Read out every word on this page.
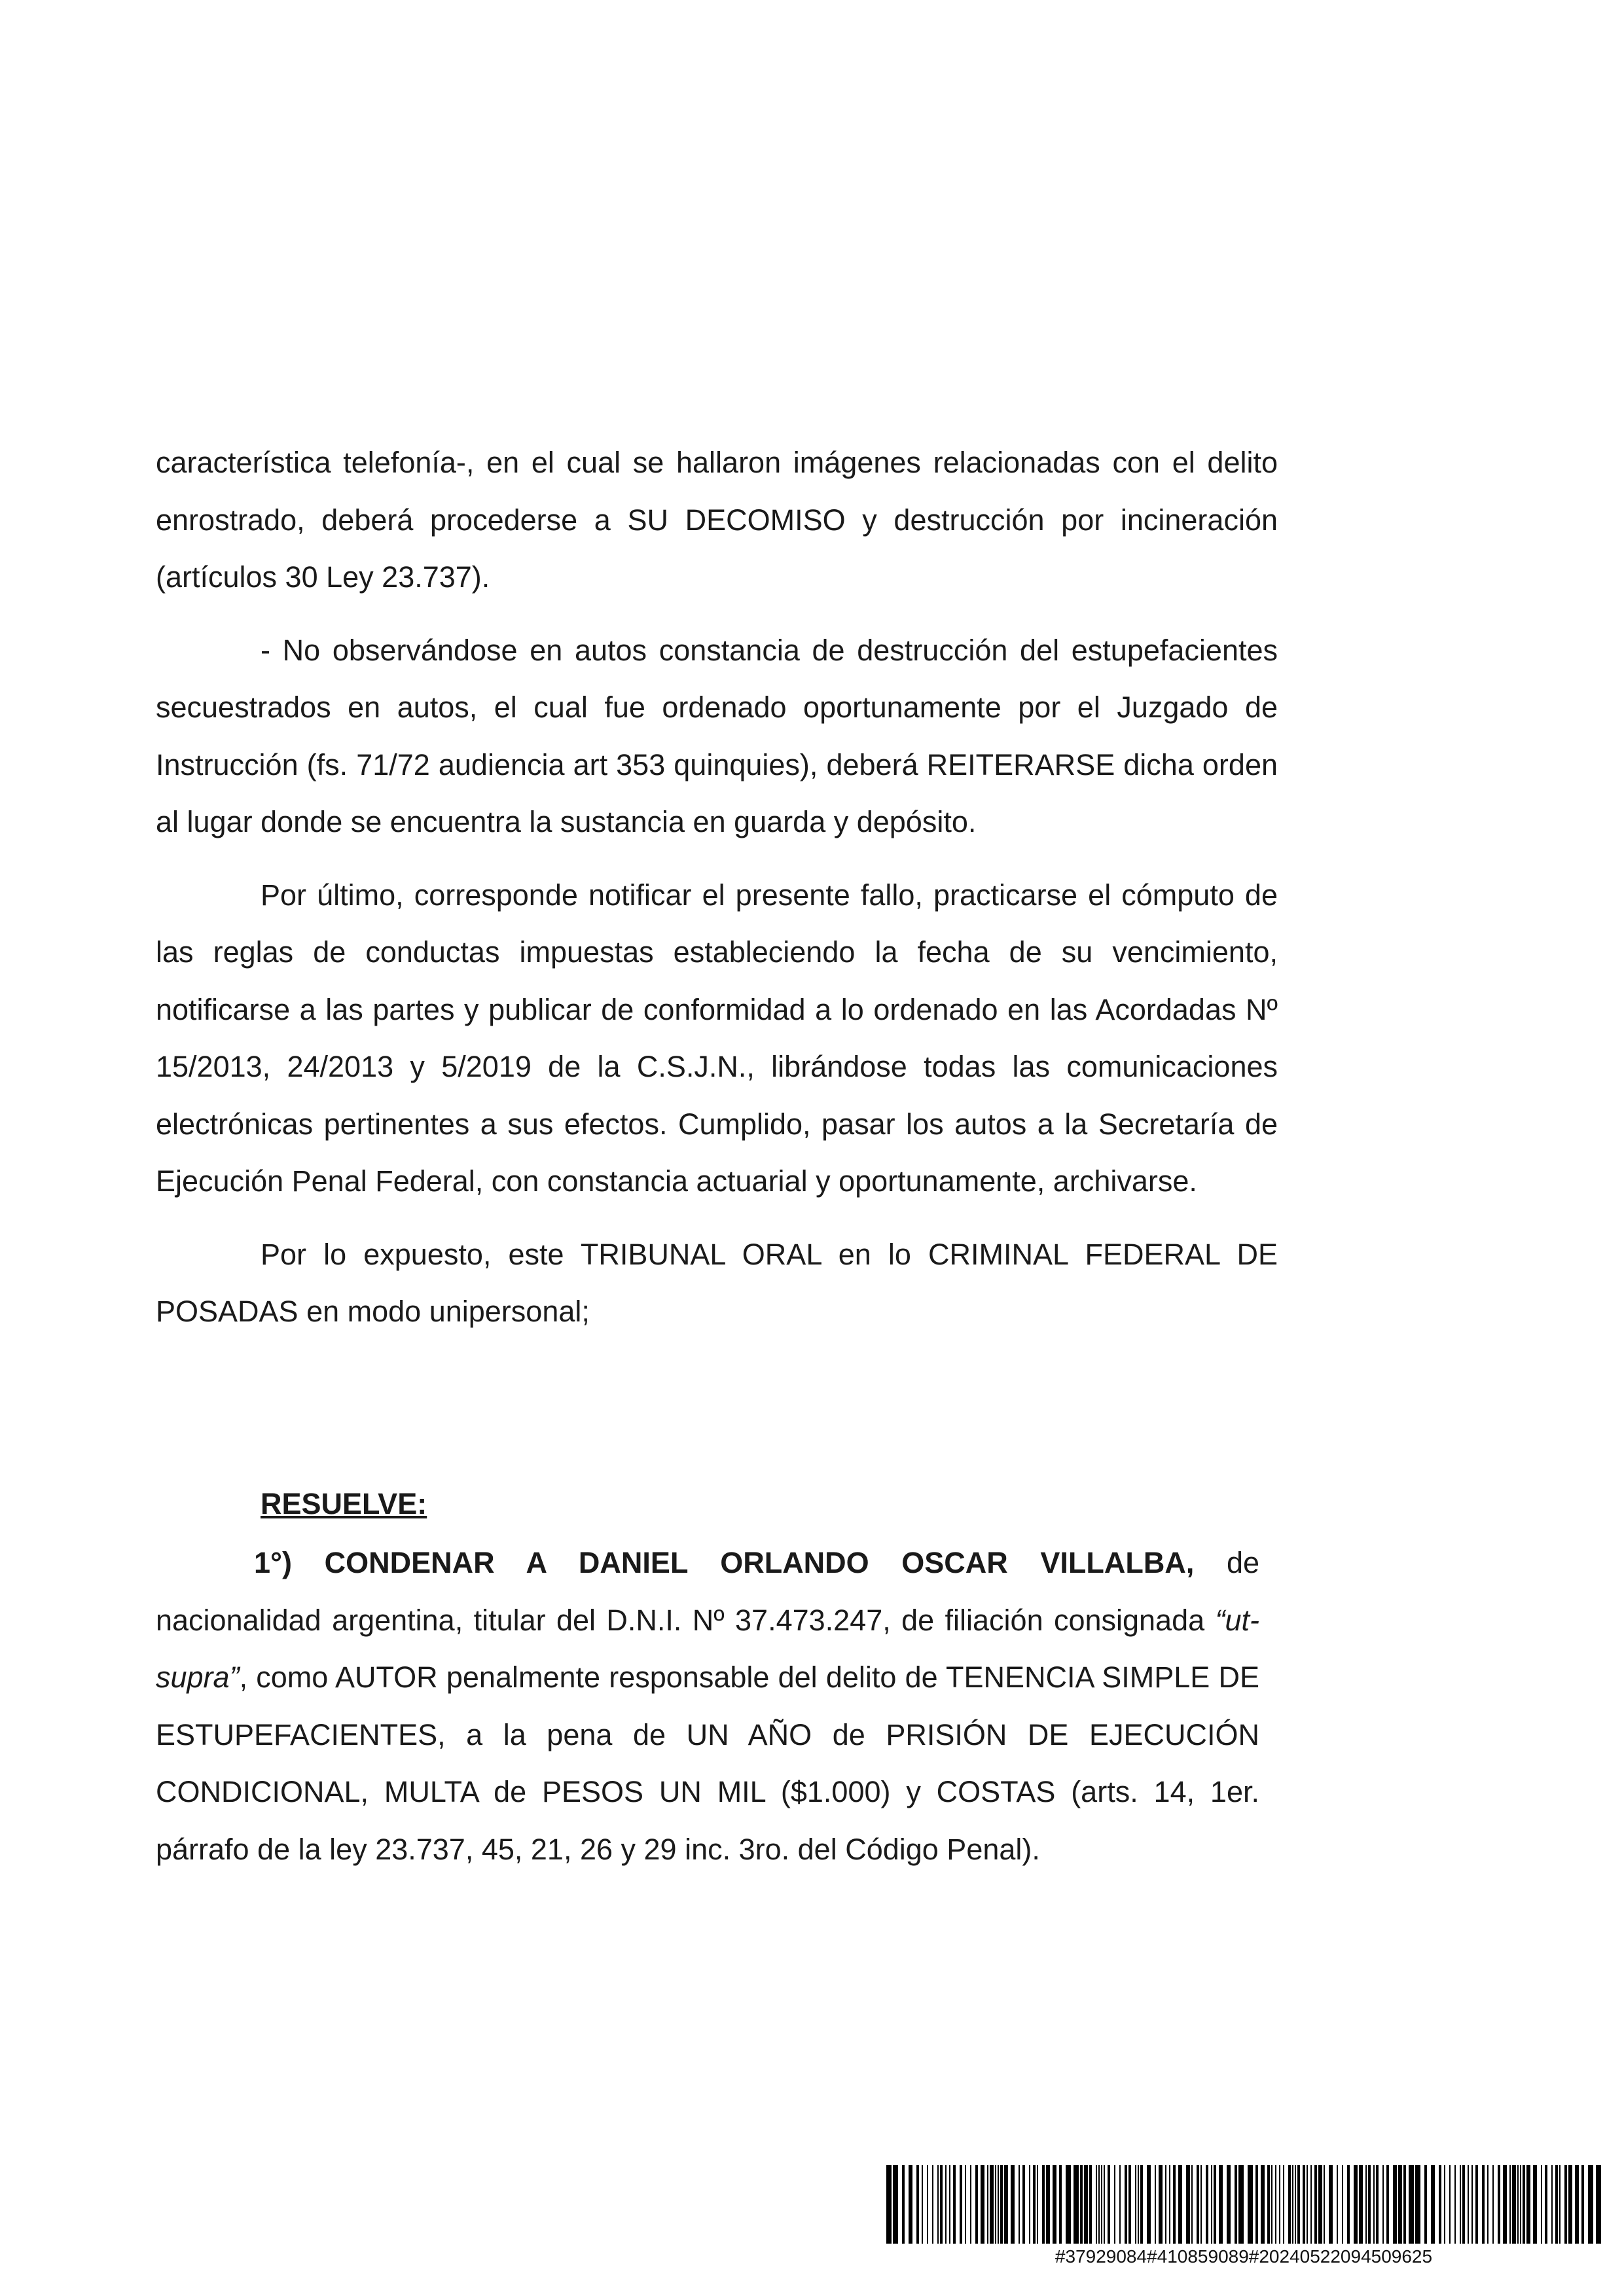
característica telefonía-, en el cual se hallaron imágenes relacionadas con el delito enrostrado, deberá procederse a SU DECOMISO y destrucción por incineración (artículos 30 Ley 23.737).

- No observándose en autos constancia de destrucción del estupefacientes secuestrados en autos, el cual fue ordenado oportunamente por el Juzgado de Instrucción (fs. 71/72 audiencia art 353 quinquies), deberá REITERARSE dicha orden al lugar donde se encuentra la sustancia en guarda y depósito.

Por último, corresponde notificar el presente fallo, practicarse el cómputo de las reglas de conductas impuestas estableciendo la fecha de su vencimiento, notificarse a las partes y publicar de conformidad a lo ordenado en las Acordadas Nº 15/2013, 24/2013 y 5/2019 de la C.S.J.N., librándose todas las comunicaciones electrónicas pertinentes a sus efectos. Cumplido, pasar los autos a la Secretaría de Ejecución Penal Federal, con constancia actuarial y oportunamente, archivarse.

Por lo expuesto, este TRIBUNAL ORAL en lo CRIMINAL FEDERAL DE POSADAS en modo unipersonal;

RESUELVE:

1°) CONDENAR A DANIEL ORLANDO OSCAR VILLALBA, de nacionalidad argentina, titular del D.N.I. Nº 37.473.247, de filiación consignada “ut-supra”, como AUTOR penalmente responsable del delito de TENENCIA SIMPLE DE ESTUPEFACIENTES, a la pena de UN AÑO de PRISIÓN DE EJECUCIÓN CONDICIONAL, MULTA de PESOS UN MIL ($1.000) y COSTAS (arts. 14, 1er. párrafo de la ley 23.737, 45, 21, 26 y 29 inc. 3ro. del Código Penal).

#37929084#410859089#20240522094509625
